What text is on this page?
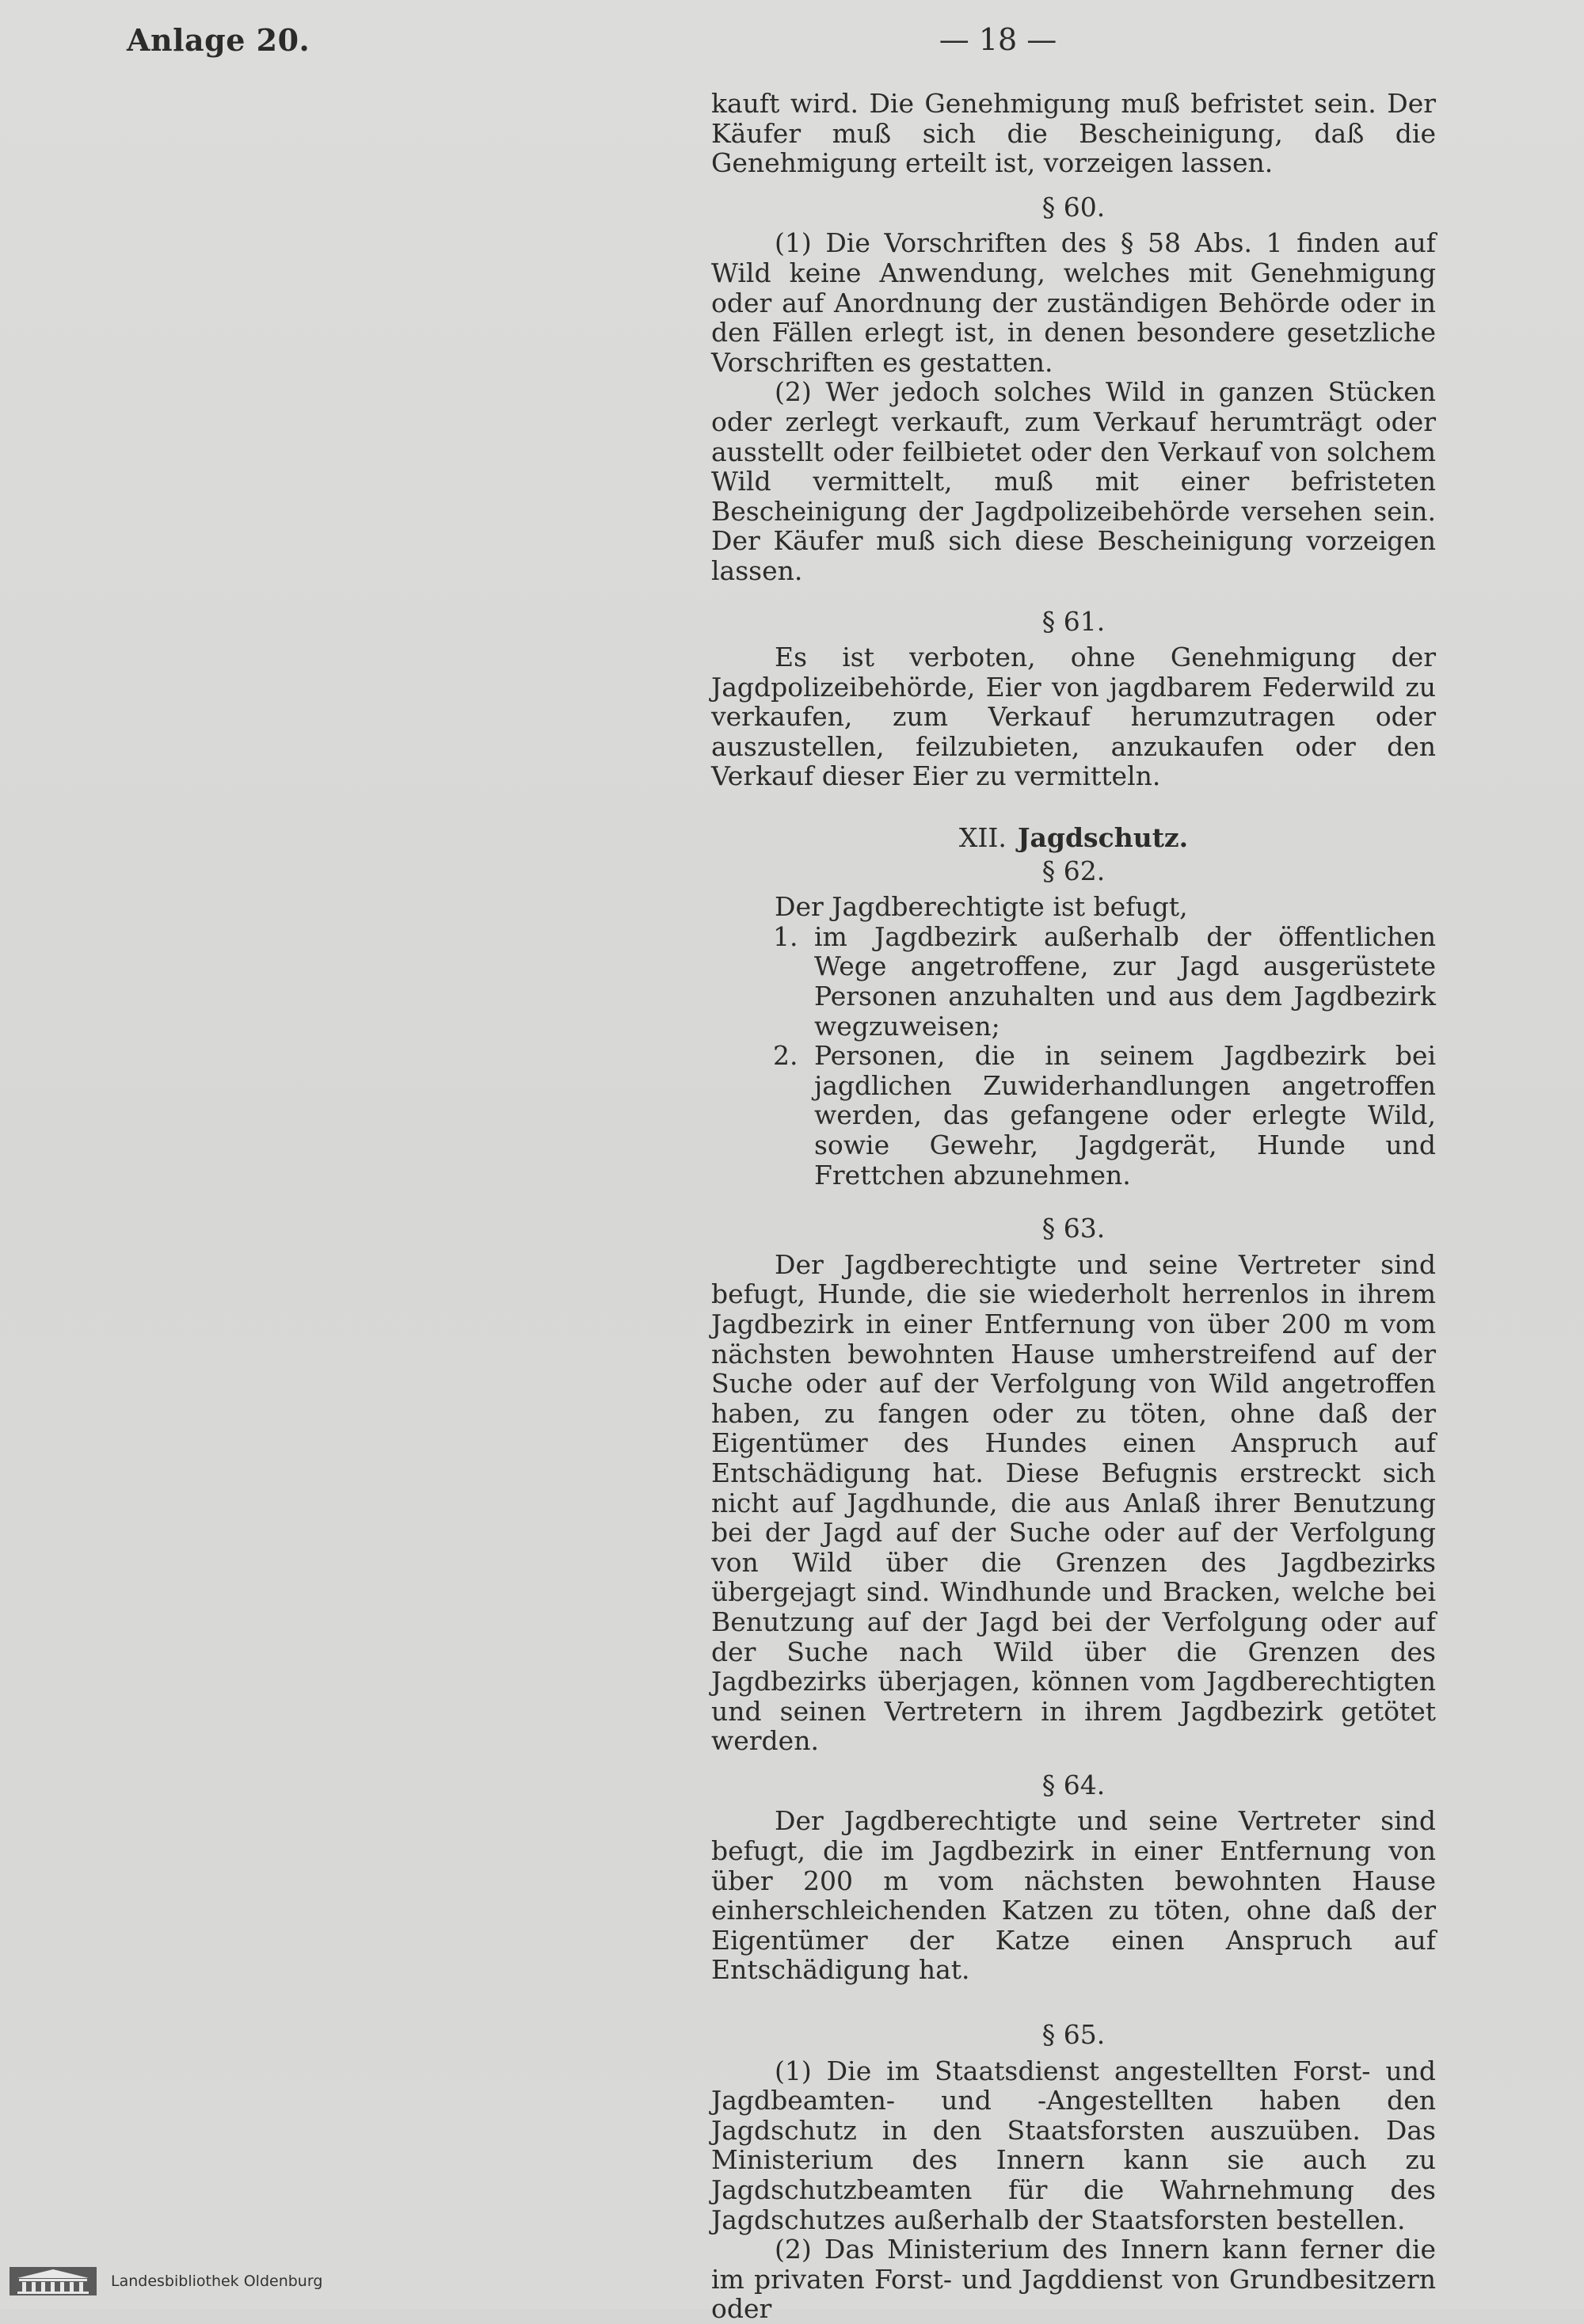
Anlage 20.	— 18 —

kauft wird. Die Genehmigung muß befristet sein. Der Käufer muß sich die Bescheinigung, daß die Genehmigung erteilt ist, vorzeigen lassen.

§ 60.

(1) Die Vorschriften des § 58 Abs. 1 finden auf Wild keine Anwendung, welches mit Genehmigung oder auf Anordnung der zuständigen Behörde oder in den Fällen erlegt ist, in denen besondere gesetzliche Vorschriften es gestatten.

(2) Wer jedoch solches Wild in ganzen Stücken oder zerlegt verkauft, zum Verkauf herumträgt oder ausstellt oder feilbietet oder den Verkauf von solchem Wild vermittelt, muß mit einer befristeten Bescheinigung der Jagdpolizeibehörde versehen sein. Der Käufer muß sich diese Bescheinigung vorzeigen lassen.

§ 61.

Es ist verboten, ohne Genehmigung der Jagdpolizeibehörde, Eier von jagdbarem Federwild zu verkaufen, zum Verkauf herumzutragen oder auszustellen, feilzubieten, anzukaufen oder den Verkauf dieser Eier zu vermitteln.

XII. Jagdschutz.

§ 62.

Der Jagdberechtigte ist befugt,

1. im Jagdbezirk außerhalb der öffentlichen Wege angetroffene, zur Jagd ausgerüstete Personen anzuhalten und aus dem Jagdbezirk wegzuweisen;
2. Personen, die in seinem Jagdbezirk bei jagdlichen Zuwiderhandlungen angetroffen werden, das gefangene oder erlegte Wild, sowie Gewehr, Jagdgerät, Hunde und Frettchen abzunehmen.

§ 63.

Der Jagdberechtigte und seine Vertreter sind befugt, Hunde, die sie wiederholt herrenlos in ihrem Jagdbezirk in einer Entfernung von über 200 m vom nächsten bewohnten Hause umherstreifend auf der Suche oder auf der Verfolgung von Wild angetroffen haben, zu fangen oder zu töten, ohne daß der Eigentümer des Hundes einen Anspruch auf Entschädigung hat. Diese Befugnis erstreckt sich nicht auf Jagdhunde, die aus Anlaß ihrer Benutzung bei der Jagd auf der Suche oder auf der Verfolgung von Wild über die Grenzen des Jagdbezirks übergejagt sind. Windhunde und Bracken, welche bei Benutzung auf der Jagd bei der Verfolgung oder auf der Suche nach Wild über die Grenzen des Jagdbezirks überjagen, können vom Jagdberechtigten und seinen Vertretern in ihrem Jagdbezirk getötet werden.

§ 64.

Der Jagdberechtigte und seine Vertreter sind befugt, die im Jagdbezirk in einer Entfernung von über 200 m vom nächsten bewohnten Hause einherschleichenden Katzen zu töten, ohne daß der Eigentümer der Katze einen Anspruch auf Entschädigung hat.

§ 65.

(1) Die im Staatsdienst angestellten Forst- und Jagdbeamten- und -Angestellten haben den Jagdschutz in den Staatsforsten auszuüben. Das Ministerium des Innern kann sie auch zu Jagdschutzbeamten für die Wahrnehmung des Jagdschutzes außerhalb der Staatsforsten bestellen.

(2) Das Ministerium des Innern kann ferner die im privaten Forst- und Jagddienst von Grundbesitzern oder

Landesbibliothek Oldenburg
